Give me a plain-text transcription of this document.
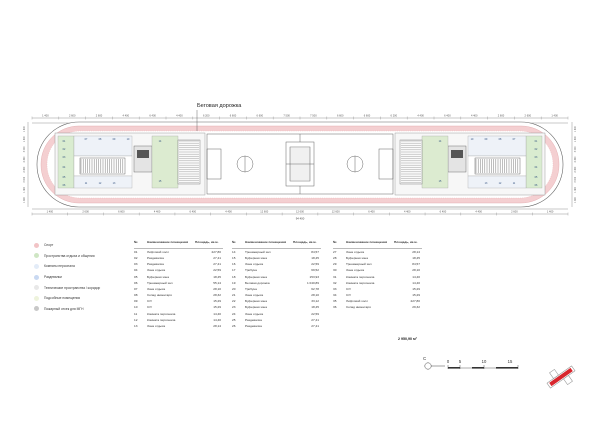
1 400	2 600	2 600	4 400	6 400	4 400	6 200	6 600	6 600	7 500	7 500	6 600	6 600	6 200	4 400	6 400	4 400	2 600	2 600	1 400
01	01
02	02
03	03
04	04
05	05
06	06
07	07
08	08
09	09
10	10
11	11
12	12
13	13
14	14
15	15
1 400	2 600	6 600	4 400	6 400	4 400	12 600	12 600	12 600	6 400	4 400	6 400	4 400	2 600	1 400
94 400
1 400
1 400
3 000
2 400
2 400
3 000
1 400
1 400
1 400
1 400
3 000
2 400
2 400
3 000
1 400
1 400
Беговая дорожка
Спорт
Пространства отдыха и общения
Комнаты персонала
Раздевалки
Технические пространства / коридор
Подсобные помещения
Пожарный отсек для МГН
№	Наименование помещения	Площадь, кв.м.
01	Лифтовой холл	227,80
02	Раздевалка	27,41
03	Раздевалка	27,41
04	Зона отдыха	22,59
05	Буферная зона	18,45
06	Тренажерный зал	55,14
07	Зона отдыха	28,10
08	Склад инвентаря	28,32
09	С/У	15,29
10	С/У	15,29
11	Комната персонала	14,40
12	Комната персонала	14,40
13	Зона отдыха	28,14
№	Наименование помещения	Площадь, кв.м.
14	Тренажерный зал	84,57
15	Буферная зона	18,45
16	Зона отдыха	22,59
17	Трибуна	69,52
18	Буферная зона	153,93
19	Беговая дорожка	1 040,89
20	Трибуна	62,78
21	Зона отдыха	28,10
22	Буферная зона	33,12
23	Буферная зона	18,45
24	Зона отдыха	22,59
25	Раздевалка	27,41
26	Раздевалка	27,41
№	Наименование помещения	Площадь, кв.м.
27	Зона отдыха	28,14
28	Буферная зона	18,45
29	Тренажерный зал	84,57
30	Зона отдыха	28,10
31	Комната персонала	14,40
32	Комната персонала	14,40
33	С/У	15,29
34	С/У	15,29
35	Лифтовой холл	227,80
36	Склад инвентаря	29,32
2 950,90 м²
С
0 5	10	15
